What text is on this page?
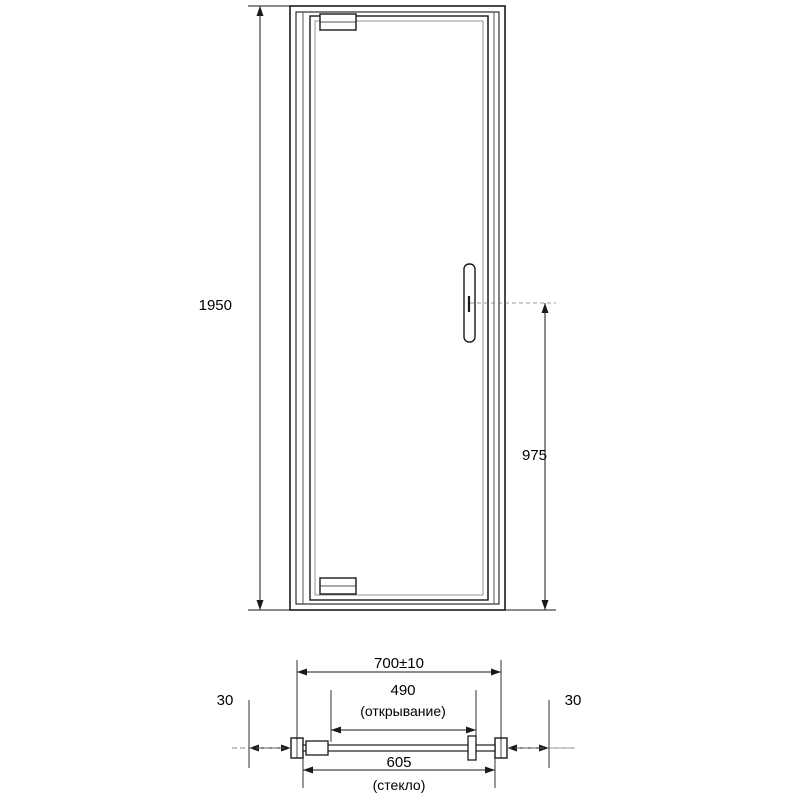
1950
975
700±10
490
(открывание)
605
(стекло)
30	30
